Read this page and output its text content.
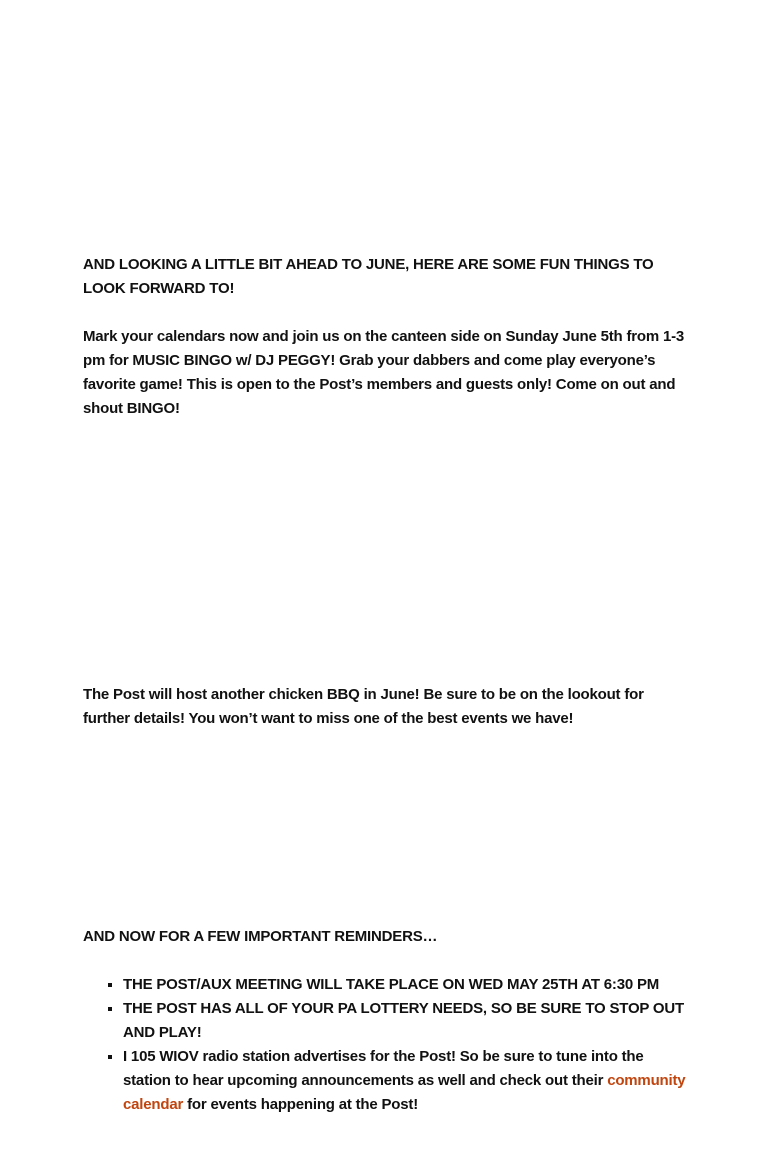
AND LOOKING A LITTLE BIT AHEAD TO JUNE, HERE ARE SOME FUN THINGS TO LOOK FORWARD TO!

Mark your calendars now and join us on the canteen side on Sunday June 5th from 1-3 pm for MUSIC BINGO w/ DJ PEGGY! Grab your dabbers and come play everyone’s favorite game! This is open to the Post’s members and guests only! Come on out and shout BINGO!

The Post will host another chicken BBQ in June! Be sure to be on the lookout for further details! You won’t want to miss one of the best events we have!

AND NOW FOR A FEW IMPORTANT REMINDERS…

▪ THE POST/AUX MEETING WILL TAKE PLACE ON WED MAY 25TH AT 6:30 PM
▪ THE POST HAS ALL OF YOUR PA LOTTERY NEEDS, SO BE SURE TO STOP OUT AND PLAY!
▪ I 105 WIOV radio station advertises for the Post! So be sure to tune into the station to hear upcoming announcements as well and check out their community calendar for events happening at the Post!
